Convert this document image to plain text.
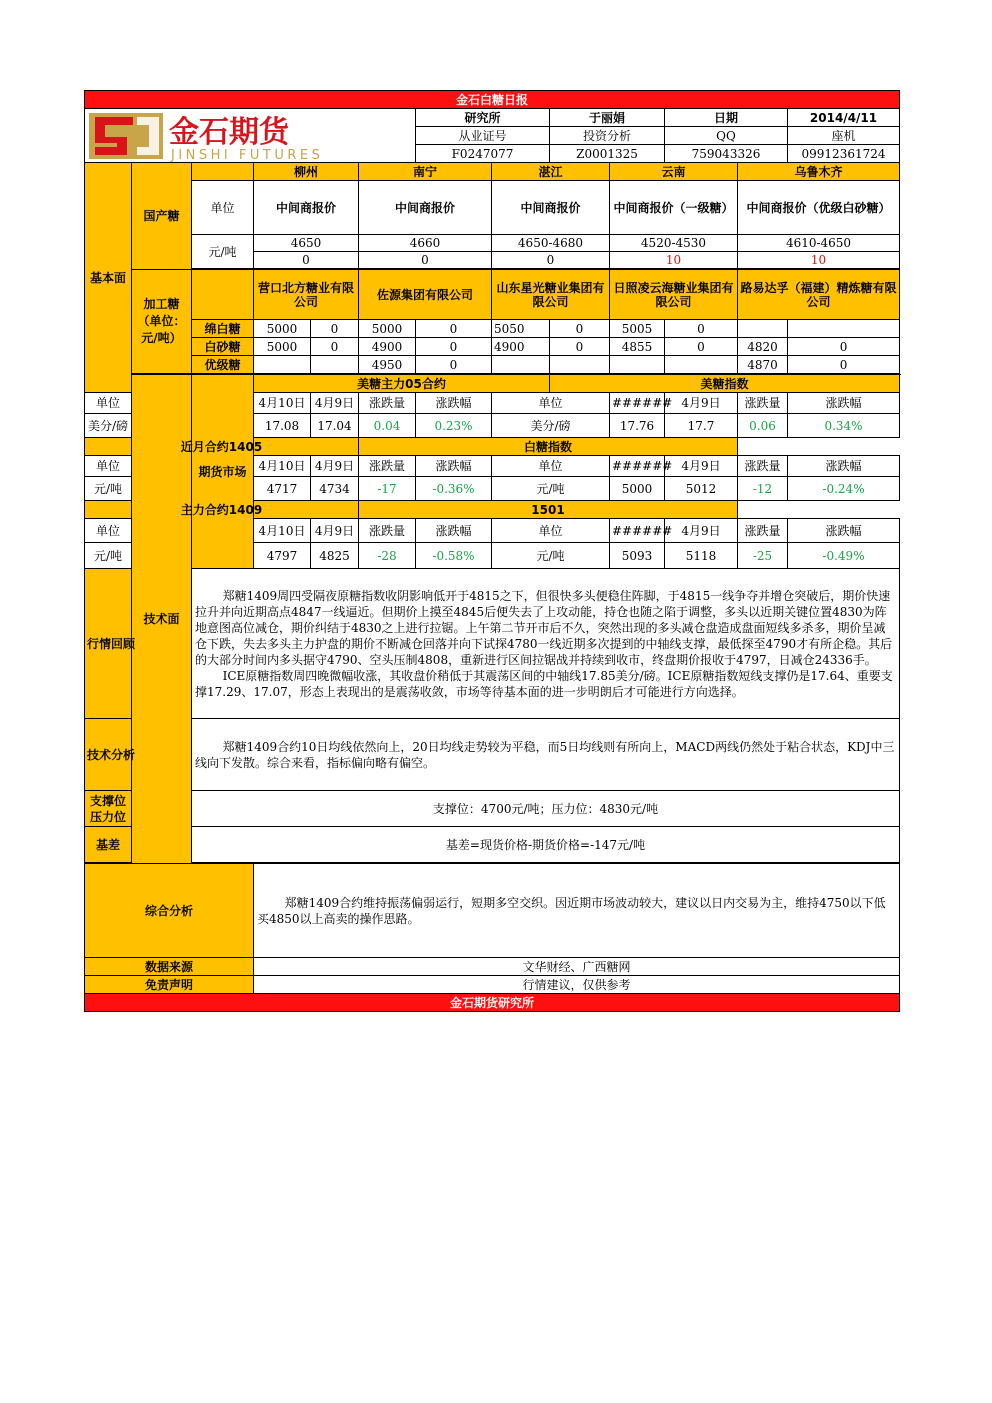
金石白糖日报												

金石期货
JINSHI FUTURES						研究所		于丽娟		日期		2014/4/11
						从业证号		投资分析		QQ		座机
						F0247077		Z0001325		759043326		09912361724
基本面	国产糖		柳州		南宁		湛江		云南		乌鲁木齐	
		单位	中间商报价		中间商报价		中间商报价		中间商报价（一级糖）		中间商报价（优级白砂糖）	
		元/吨	4650		4660		4650-4680		4520-4530		4610-4650	
			0		0		0		10		10	

	加工糖（单位：元/吨）		营口北方糖业有限公司		佐源集团有限公司		山东星光糖业集团有限公司		日照凌云海糖业集团有限公司		路易达孚（福建）精炼糖有限公司	
		绵白糖	5000	0	5000	0	5050	0	5005	0		
		白砂糖	5000	0	4900	0	4900	0	4855	0	4820	0
		优级糖			4950	0					4870	0

	技术面	期货市场	美糖主力05合约					美糖指数				
单位			4月10日	4月9日	涨跌量	涨跌幅	单位		######	4月9日	涨跌量	涨跌幅
美分/磅			17.08	17.04	0.04	0.23%	美分/磅		17.76	17.7	0.06	0.34%
近月合约1405					白糖指数							
单位			4月10日	4月9日	涨跌量	涨跌幅	单位		######	4月9日	涨跌量	涨跌幅
元/吨			4717	4734	-17	-0.36%	元/吨		5000	5012	-12	-0.24%
主力合约1409					1501							
单位			4月10日	4月9日	涨跌量	涨跌幅	单位		######	4月9日	涨跌量	涨跌幅
元/吨			4797	4825	-28	-0.58%	元/吨		5093	5118	-25	-0.49%
行情回顾		郑糖1409周四受隔夜原糖指数收阴影响低开于4815之下，但很快多头便稳住阵脚，于4815一线争夺并增仓突破后，期价快速拉升并向近期高点4847一线逼近。但期价上摸至4845后便失去了上攻动能，持仓也随之陷于调整，多头以近期关键位置4830为阵地意图高位减仓，期价纠结于4830之上进行拉锯。上午第二节开市后不久，突然出现的多头减仓盘造成盘面短线多杀多，期价呈减仓下跌，失去多头主力护盘的期价不断减仓回落并向下试探4780一线近期多次提到的中轴线支撑，最低探至4790才有所企稳。其后的大部分时间内多头据守4790、空头压制4808，重新进行区间拉锯战并持续到收市，终盘期价报收于4797，日减仓24336手。

ICE原糖指数周四晚微幅收涨，其收盘价稍低于其震荡区间的中轴线17.85美分/磅。ICE原糖指数短线支撑仍是17.64、重要支撑17.29、17.07，形态上表现出的是震荡收敛，市场等待基本面的进一步明朗后才可能进行方向选择。										

技术分析		郑糖1409合约10日均线依然向上，20日均线走势较为平稳，而5日均线则有所向上，MACD两线仍然处于粘合状态，KDJ中三线向下发散。综合来看，指标偏向略有偏空。										

支撑位压力位		支撑位：4700元/吨；压力位：4830元/吨										
基差		基差=现货价格-期货价格=-147元/吨										

综合分析			郑糖1409合约维持振荡偏弱运行，短期多空交织。因近期市场波动较大，建议以日内交易为主，维持4750以下低买4850以上高卖的操作思路。									

数据来源			文华财经、广西糖网									
免责声明			行情建议，仅供参考									
金石期货研究所												
